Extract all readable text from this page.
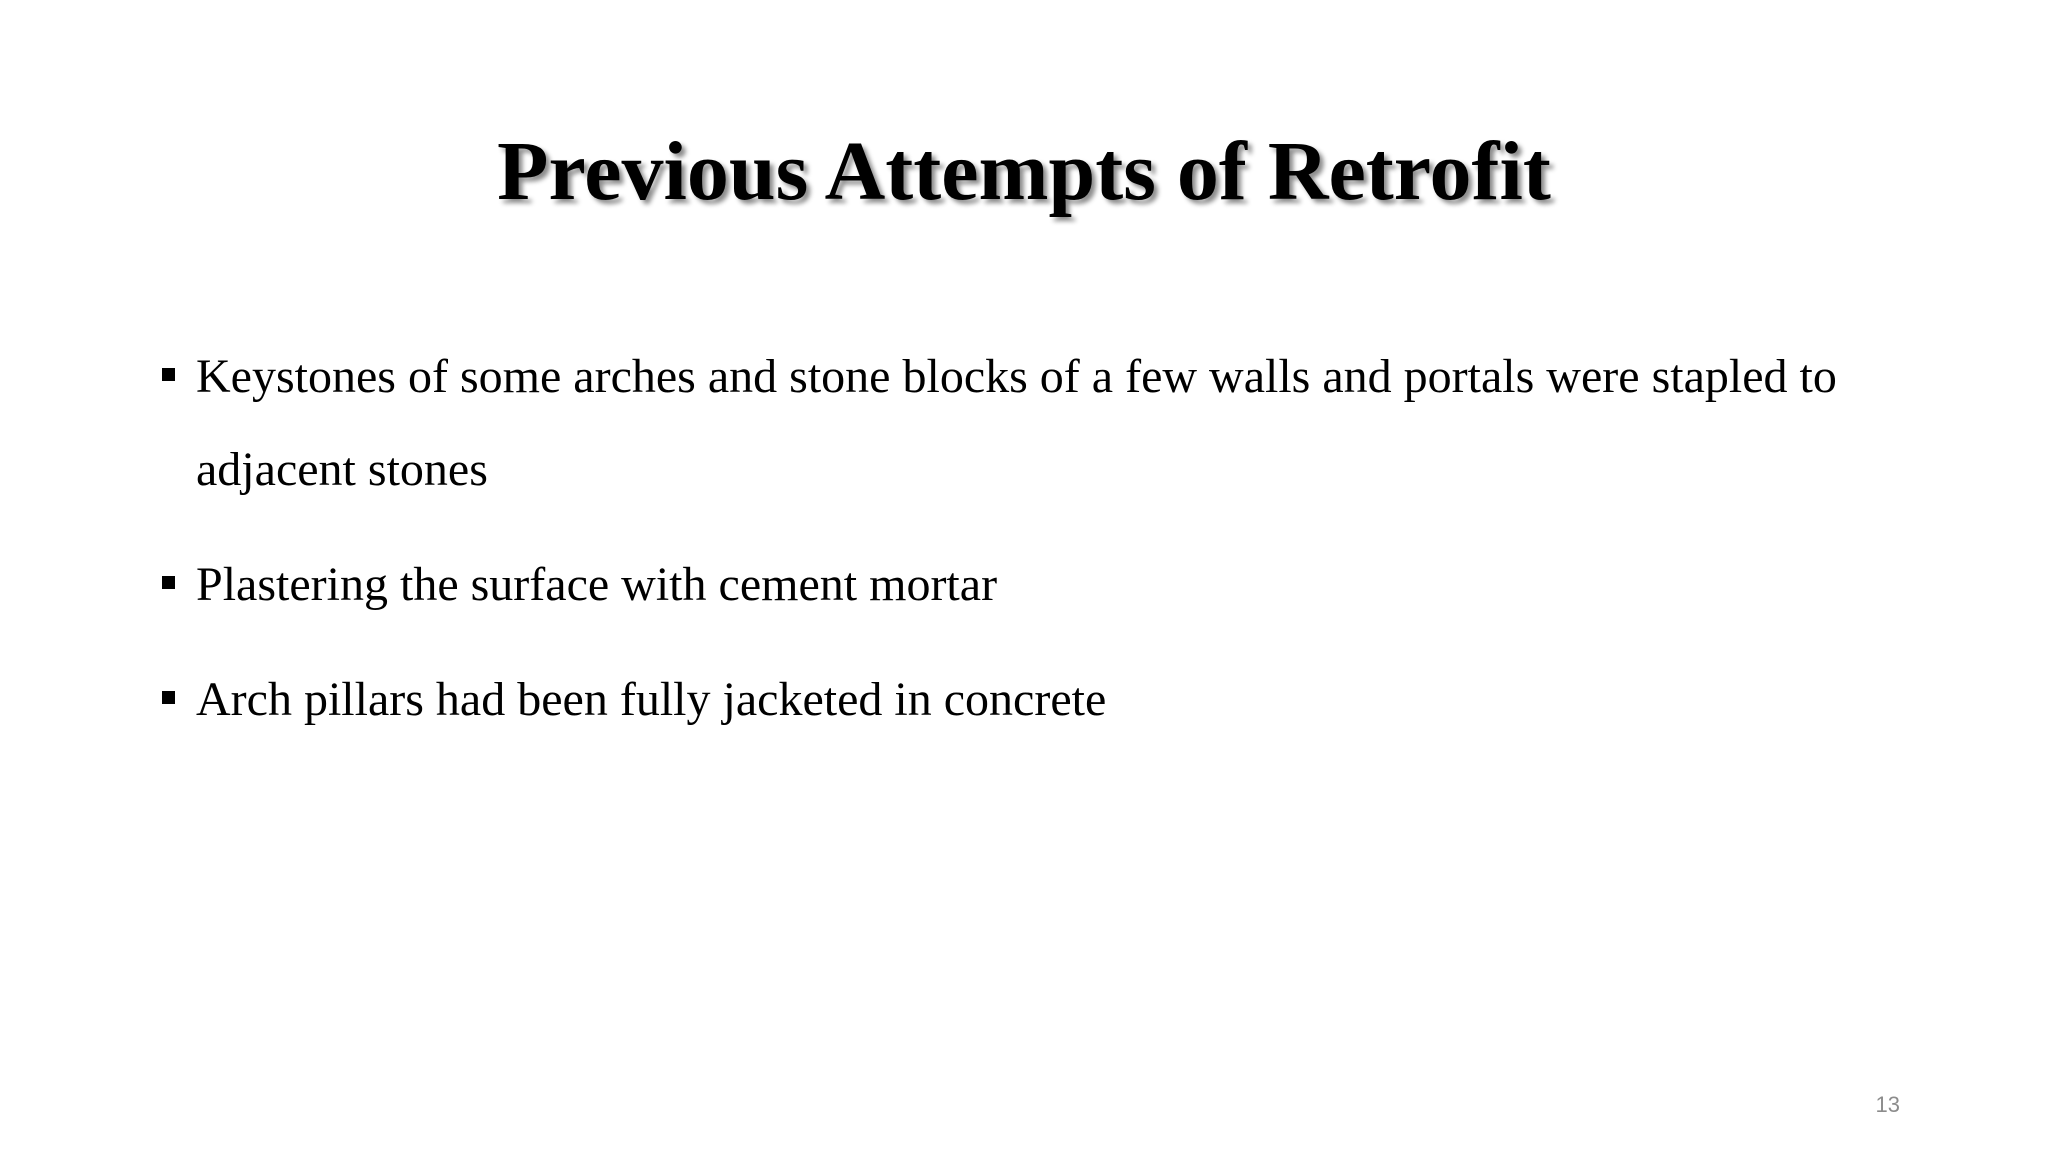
Previous Attempts of Retrofit
Keystones of some arches and stone blocks of a few walls and portals were stapled to adjacent stones
Plastering the surface with cement mortar
Arch pillars had been fully jacketed in concrete
13
